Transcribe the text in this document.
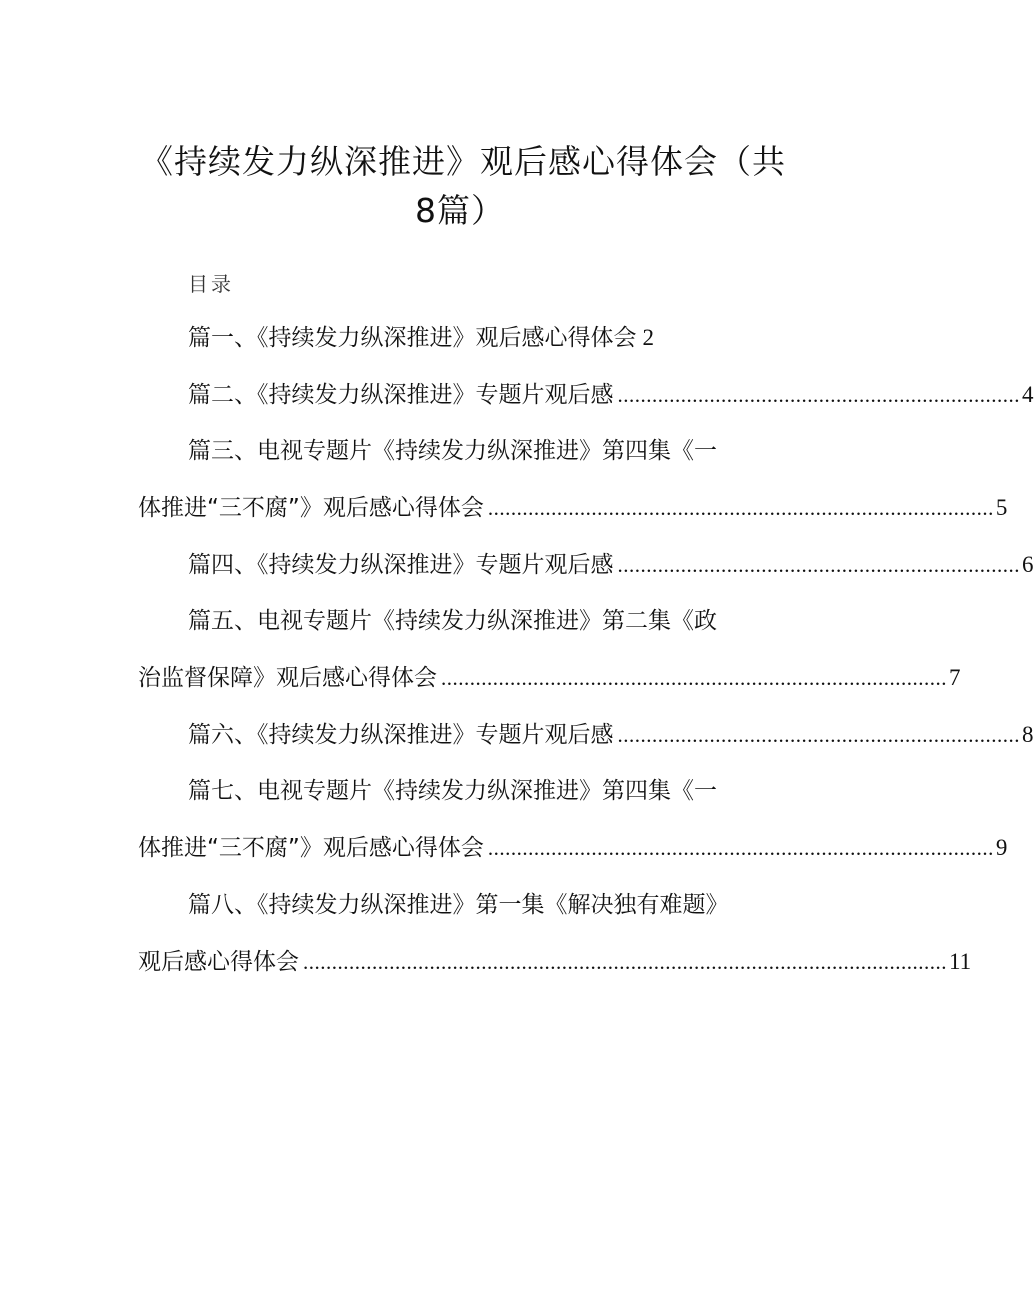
《持续发力纵深推进》观后感心得体会（共
8篇）
目录
篇一、《持续发力纵深推进》观后感心得体会 2
篇二、《持续发力纵深推进》专题片观后感 ...................................................................... 4
篇三、电视专题片《持续发力纵深推进》第四集《一
体推进“三不腐”》观后感心得体会 ........................................................................................ 5
篇四、《持续发力纵深推进》专题片观后感 ...................................................................... 6
篇五、电视专题片《持续发力纵深推进》第二集《政
治监督保障》观后感心得体会 ........................................................................................ 7
篇六、《持续发力纵深推进》专题片观后感 ...................................................................... 8
篇七、电视专题片《持续发力纵深推进》第四集《一
体推进“三不腐”》观后感心得体会 ........................................................................................ 9
篇八、《持续发力纵深推进》第一集《解决独有难题》
观后感心得体会 ................................................................................................................ 11
